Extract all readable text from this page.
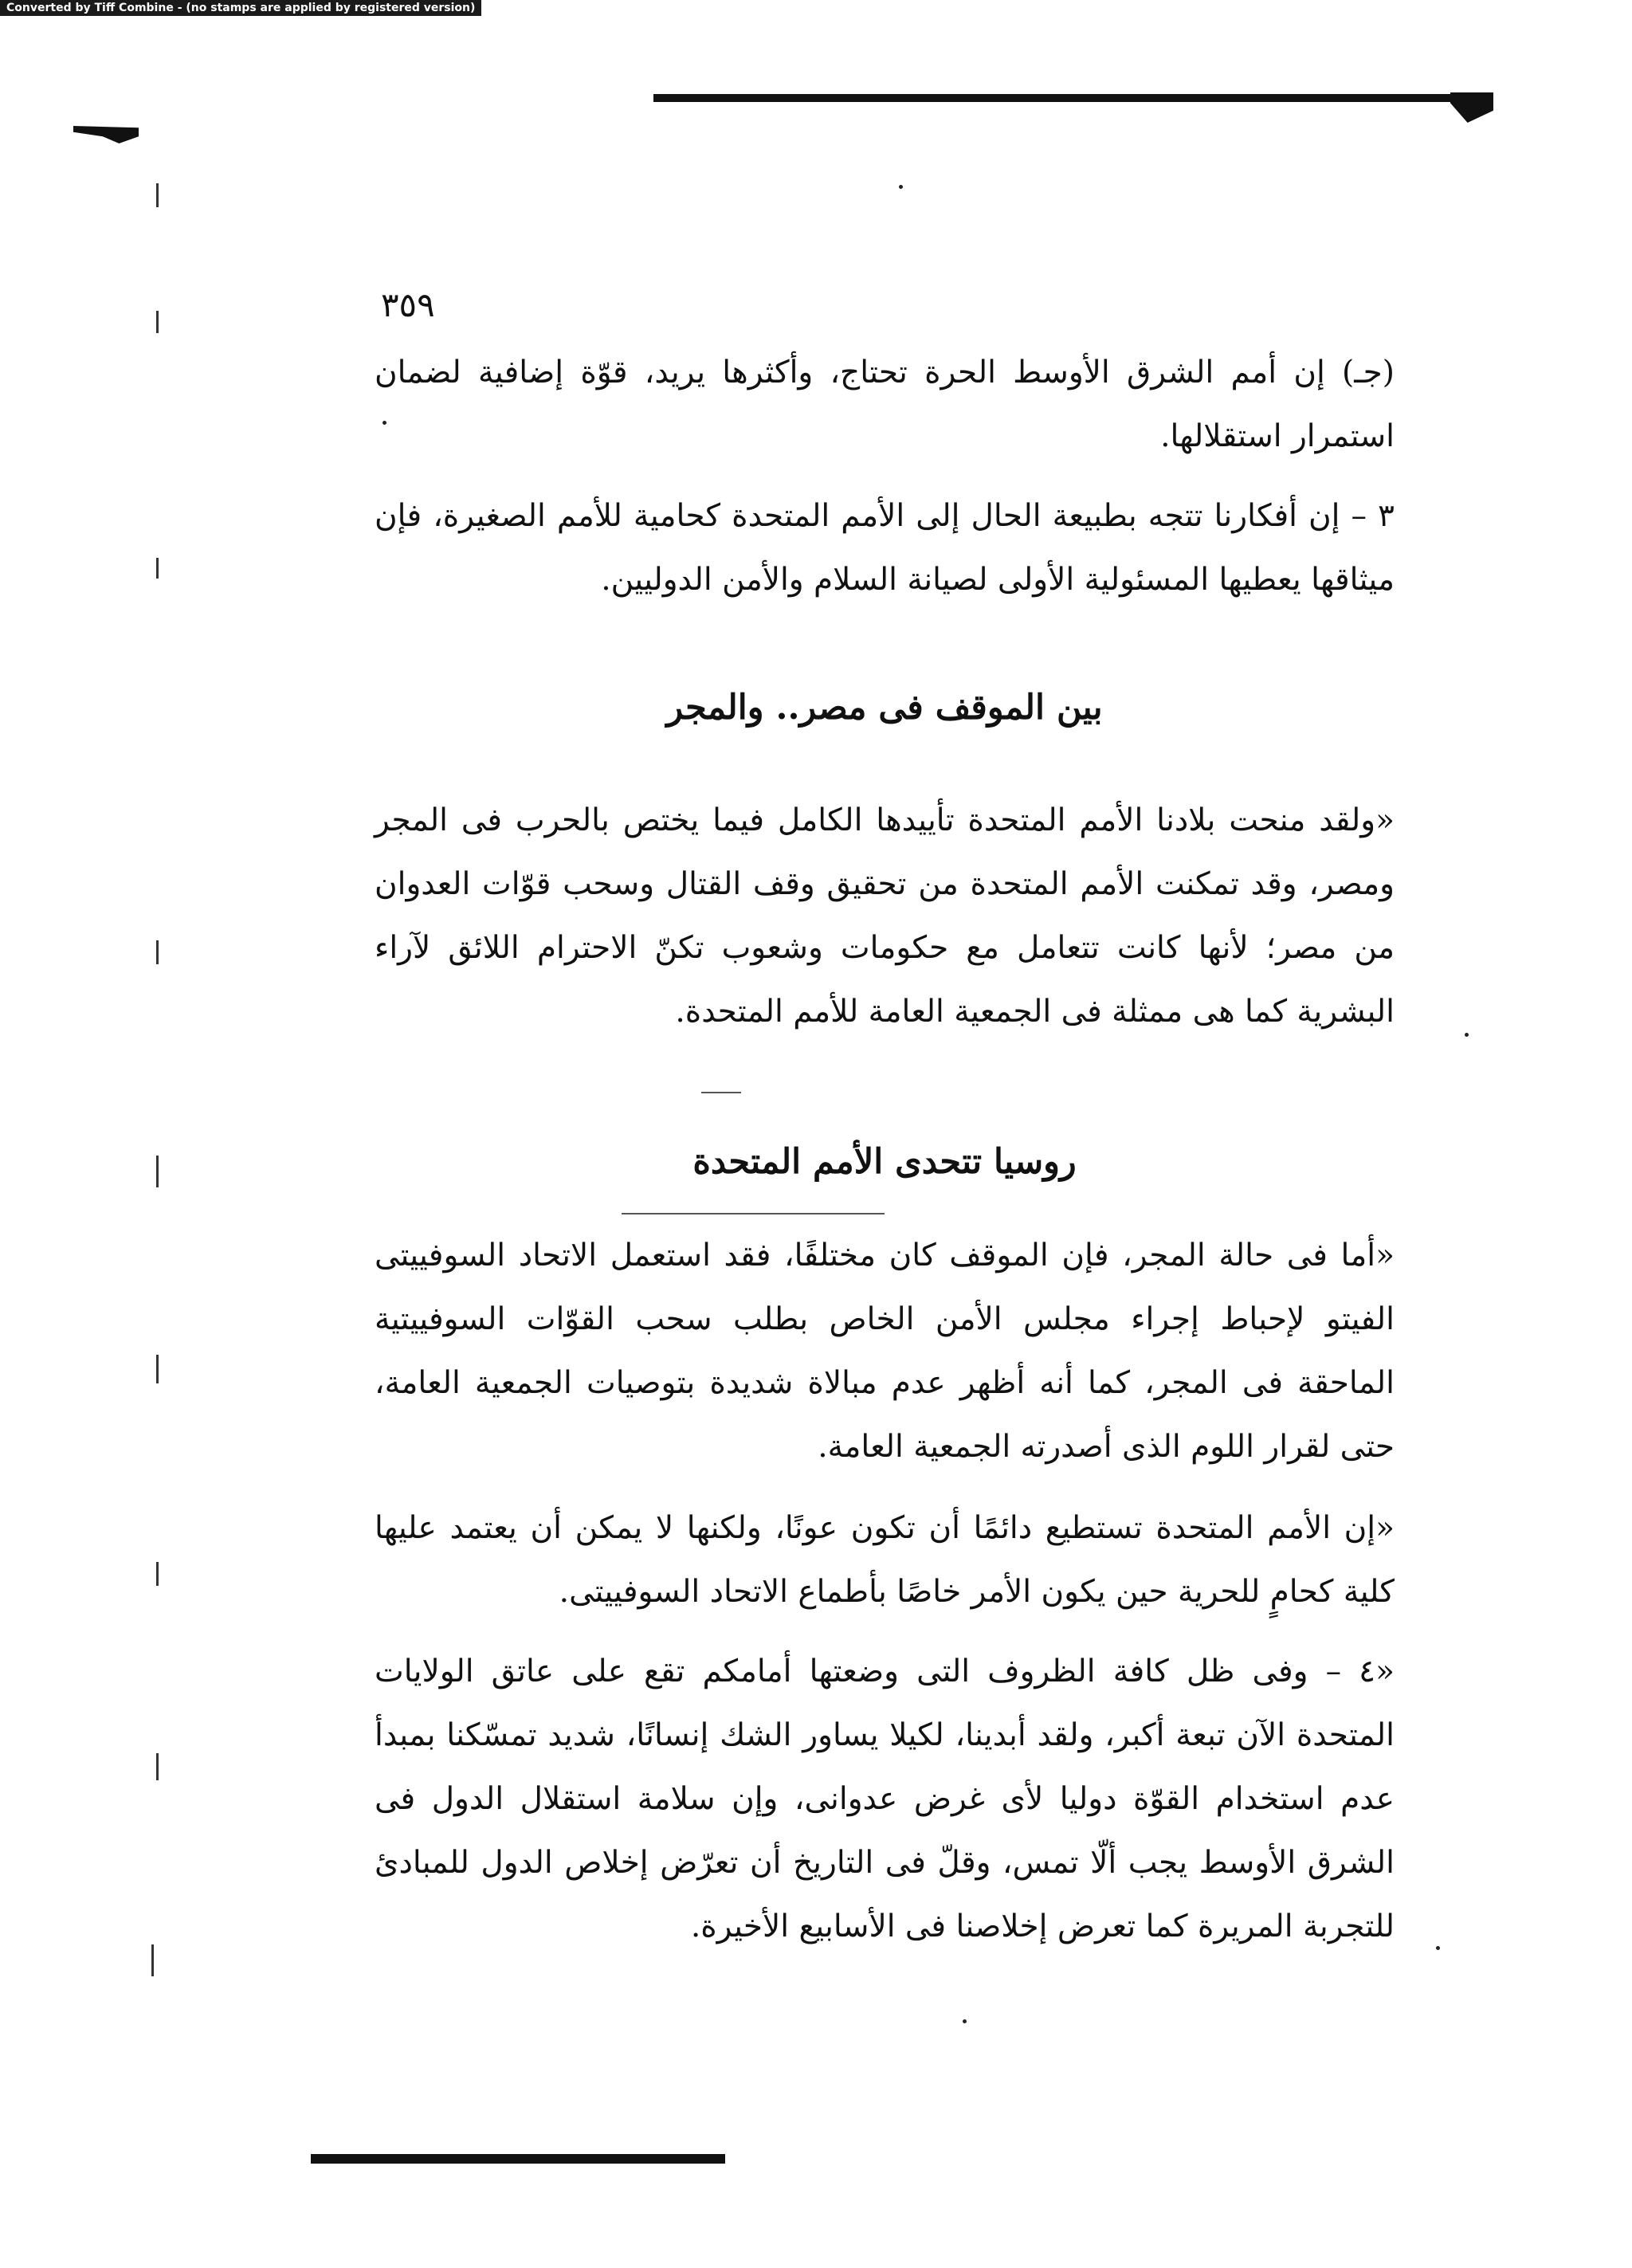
Converted by Tiff Combine - (no stamps are applied by registered version)
٣٥٩

(جـ) إن أمم الشرق الأوسط الحرة تحتاج، وأكثرها يريد، قوّة إضافية لضمان استمرار استقلالها.

٣ – إن أفكارنا تتجه بطبيعة الحال إلى الأمم المتحدة كحامية للأمم الصغيرة، فإن ميثاقها يعطيها المسئولية الأولى لصيانة السلام والأمن الدوليين.

بين الموقف فى مصر.. والمجر

«ولقد منحت بلادنا الأمم المتحدة تأييدها الكامل فيما يختص بالحرب فى المجر ومصر، وقد تمكنت الأمم المتحدة من تحقيق وقف القتال وسحب قوّات العدوان من مصر؛ لأنها كانت تتعامل مع حكومات وشعوب تكنّ الاحترام اللائق لآراء البشرية كما هى ممثلة فى الجمعية العامة للأمم المتحدة.

روسيا تتحدى الأمم المتحدة

«أما فى حالة المجر، فإن الموقف كان مختلفًا، فقد استعمل الاتحاد السوفييتى الفيتو لإحباط إجراء مجلس الأمن الخاص بطلب سحب القوّات السوفييتية الماحقة فى المجر، كما أنه أظهر عدم مبالاة شديدة بتوصيات الجمعية العامة، حتى لقرار اللوم الذى أصدرته الجمعية العامة.

«إن الأمم المتحدة تستطيع دائمًا أن تكون عونًا، ولكنها لا يمكن أن يعتمد عليها كلية كحامٍ للحرية حين يكون الأمر خاصًا بأطماع الاتحاد السوفييتى.

«٤ – وفى ظل كافة الظروف التى وضعتها أمامكم تقع على عاتق الولايات المتحدة الآن تبعة أكبر، ولقد أبدينا، لكيلا يساور الشك إنسانًا، شديد تمسّكنا بمبدأ عدم استخدام القوّة دوليا لأى غرض عدوانى، وإن سلامة استقلال الدول فى الشرق الأوسط يجب ألّا تمس، وقلّ فى التاريخ أن تعرّض إخلاص الدول للمبادئ للتجربة المريرة كما تعرض إخلاصنا فى الأسابيع الأخيرة.
